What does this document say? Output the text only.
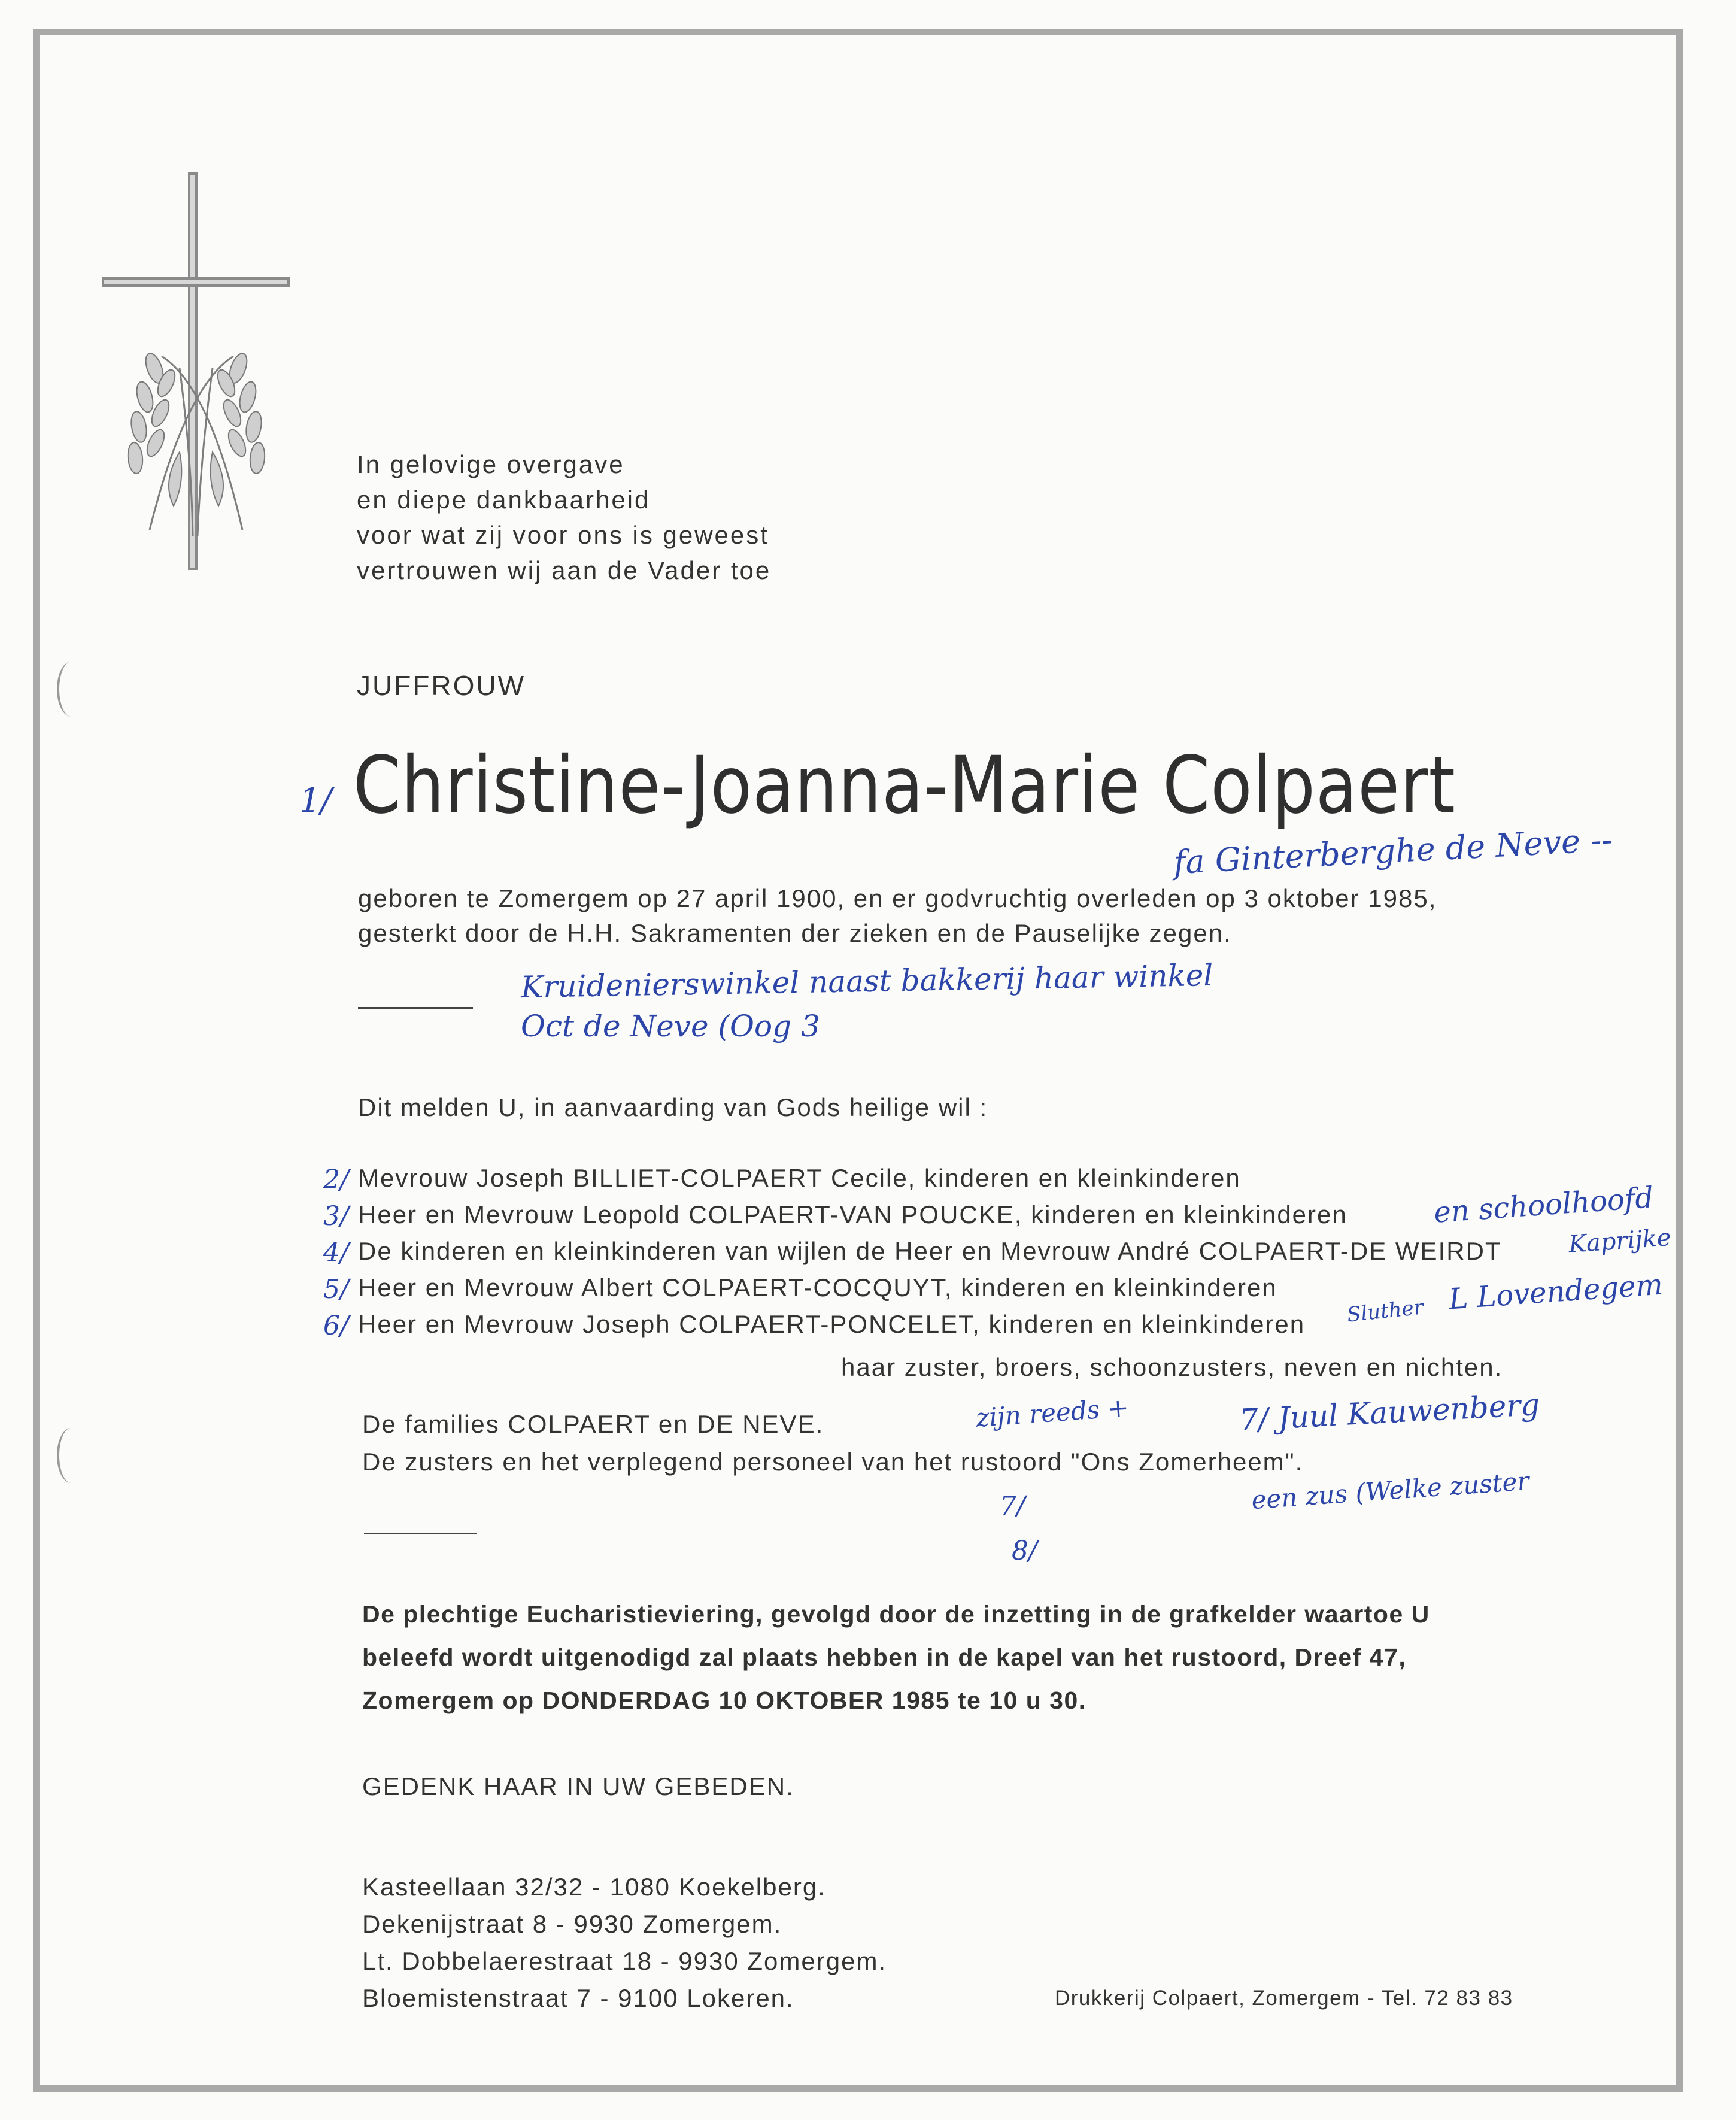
In gelovige overgave
en diepe dankbaarheid
voor wat zij voor ons is geweest
vertrouwen wij aan de Vader toe
JUFFROUW
Christine-Joanna-Marie Colpaert
geboren te Zomergem op 27 april 1900, en er godvruchtig overleden op 3 oktober 1985,
gesterkt door de H.H. Sakramenten der zieken en de Pauselijke zegen.
Dit melden U, in aanvaarding van Gods heilige wil :
Mevrouw Joseph BILLIET-COLPAERT Cecile, kinderen en kleinkinderen
Heer en Mevrouw Leopold COLPAERT-VAN POUCKE, kinderen en kleinkinderen
De kinderen en kleinkinderen van wijlen de Heer en Mevrouw André COLPAERT-DE WEIRDT
Heer en Mevrouw Albert COLPAERT-COCQUYT, kinderen en kleinkinderen
Heer en Mevrouw Joseph COLPAERT-PONCELET, kinderen en kleinkinderen
haar zuster, broers, schoonzusters, neven en nichten.
De families COLPAERT en DE NEVE.
De zusters en het verplegend personeel van het rustoord "Ons Zomerheem".
De plechtige Eucharistieviering, gevolgd door de inzetting in de grafkelder waartoe U
beleefd wordt uitgenodigd zal plaats hebben in de kapel van het rustoord, Dreef 47,
Zomergem op DONDERDAG 10 OKTOBER 1985 te 10 u 30.
GEDENK HAAR IN UW GEBEDEN.
Kasteellaan 32/32 - 1080 Koekelberg.
Dekenijstraat 8 - 9930 Zomergem.
Lt. Dobbelaerestraat 18 - 9930 Zomergem.
Bloemistenstraat 7 - 9100 Lokeren.	Drukkerij Colpaert, Zomergem - Tel. 72 83 83
1/
fa Ginterberghe de Neve --
Kruidenierswinkel naast bakkerij haar winkel
Oct de Neve (Oog 3
2/
3/
4/
5/
6/
en schoolhoofd
Kaprijke
Sluther L Lovendegem
zijn reeds +	7/ Juul Kauwenberg
een zus (Welke zuster
7/
8/
